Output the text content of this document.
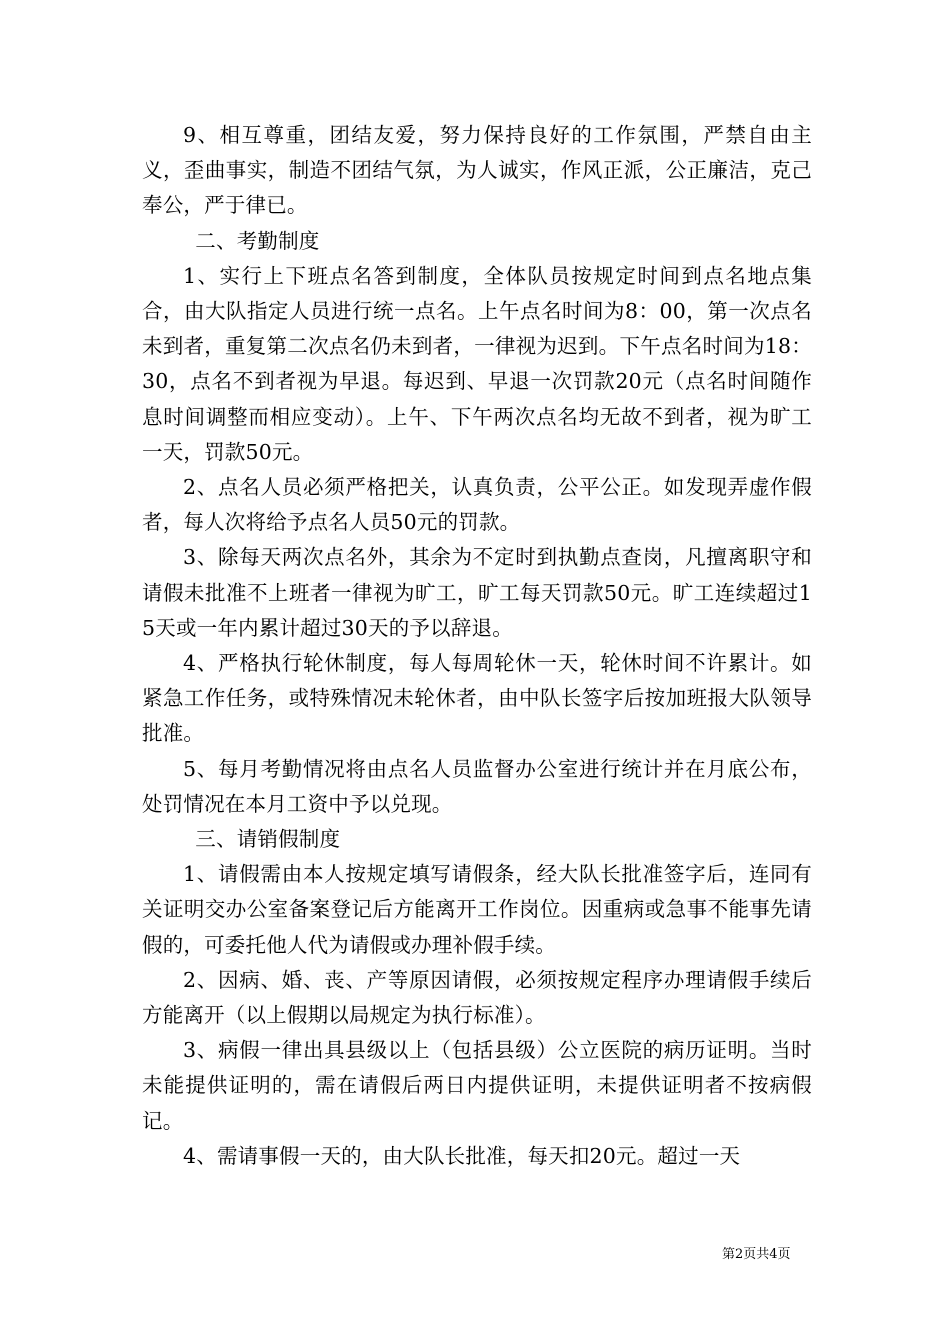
9、相互尊重，团结友爱，努力保持良好的工作氛围，严禁自由主义，歪曲事实，制造不团结气氛，为人诚实，作风正派，公正廉洁，克己奉公，严于律已。

二、考勤制度

1、实行上下班点名答到制度，全体队员按规定时间到点名地点集合，由大队指定人员进行统一点名。上午点名时间为8：00，第一次点名未到者，重复第二次点名仍未到者，一律视为迟到。下午点名时间为18：30，点名不到者视为早退。每迟到、早退一次罚款20元（点名时间随作息时间调整而相应变动）。上午、下午两次点名均无故不到者，视为旷工一天，罚款50元。

2、点名人员必须严格把关，认真负责，公平公正。如发现弄虚作假者，每人次将给予点名人员50元的罚款。

3、除每天两次点名外，其余为不定时到执勤点查岗，凡擅离职守和请假未批准不上班者一律视为旷工，旷工每天罚款50元。旷工连续超过15天或一年内累计超过30天的予以辞退。

4、严格执行轮休制度，每人每周轮休一天，轮休时间不许累计。如紧急工作任务，或特殊情况未轮休者，由中队长签字后按加班报大队领导批准。

5、每月考勤情况将由点名人员监督办公室进行统计并在月底公布，处罚情况在本月工资中予以兑现。

三、请销假制度

1、请假需由本人按规定填写请假条，经大队长批准签字后，连同有关证明交办公室备案登记后方能离开工作岗位。因重病或急事不能事先请假的，可委托他人代为请假或办理补假手续。

2、因病、婚、丧、产等原因请假，必须按规定程序办理请假手续后方能离开（以上假期以局规定为执行标准）。

3、病假一律出具县级以上（包括县级）公立医院的病历证明。当时未能提供证明的，需在请假后两日内提供证明，未提供证明者不按病假记。

4、需请事假一天的，由大队长批准，每天扣20元。超过一天

第2页共4页
